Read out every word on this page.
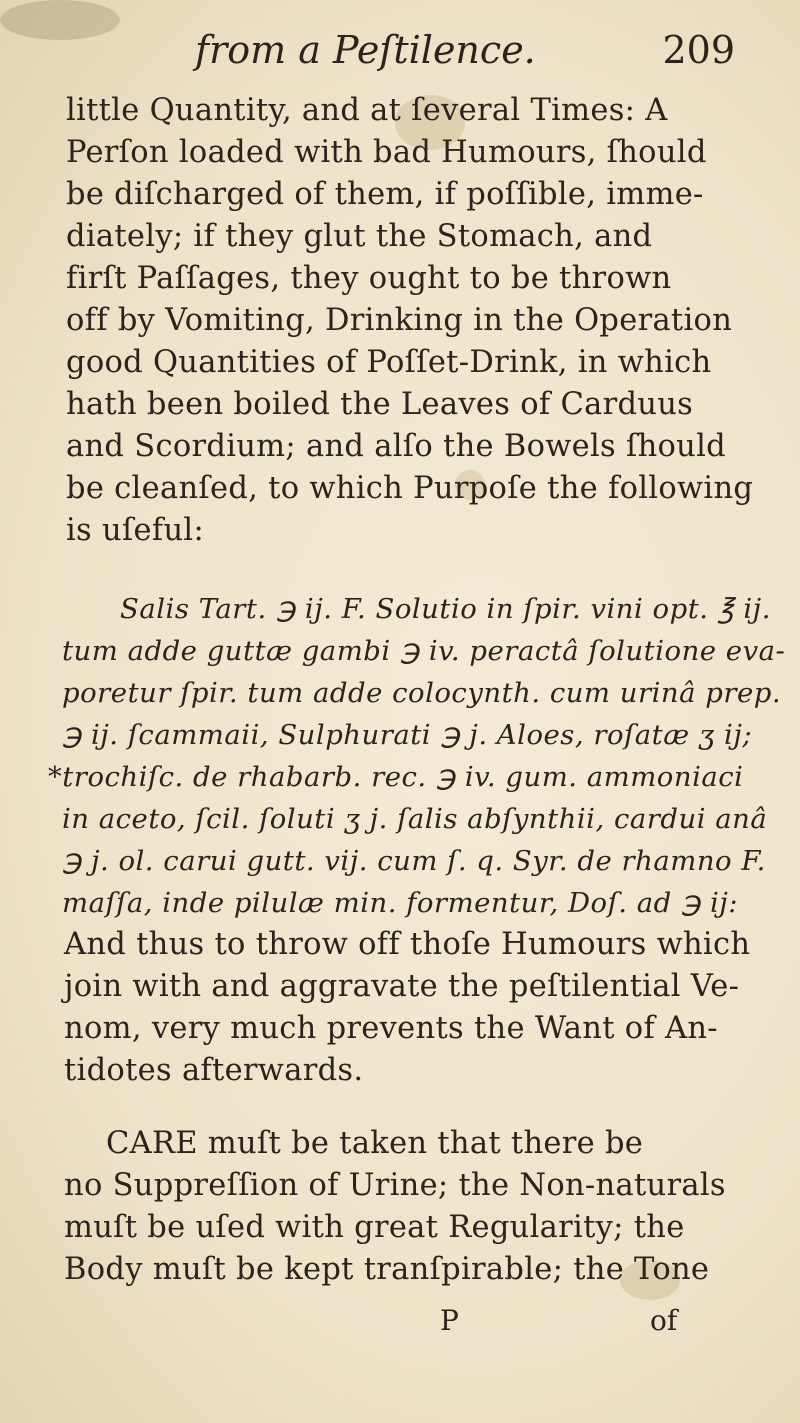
from a Peſtilence.	209
little Quantity, and at ſeveral Times: A
Perſon loaded with bad Humours, ſhould
be diſcharged of them, if poſſible, imme-
diately; if they glut the Stomach, and
firſt Paſſages, they ought to be thrown
off by Vomiting, Drinking in the Operation
good Quantities of Poſſet-Drink, in which
hath been boiled the Leaves of Carduus
and Scordium; and alſo the Bowels ſhould
be cleanſed, to which Purpoſe the following
is uſeful:
Salis Tart. ℈ ij. F. Solutio in ſpir. vini opt. ℥ ij.
tum adde guttæ gambi ℈ iv. peractâ ſolutione eva-
poretur ſpir. tum adde colocynth. cum urinâ prep.
℈ ij. ſcammaii, Sulphurati ℈ j. Aloes, roſatæ ʒ ij;
*trochiſc. de rhabarb. rec. ℈ iv. gum. ammoniaci
in aceto, ſcil. ſoluti ʒ j. ſalis abſynthii, cardui anâ
℈ j. ol. carui gutt. vij. cum ſ. q. Syr. de rhamno F.
maſſa, inde pilulæ min. formentur, Doſ. ad ℈ ij:
And thus to throw off thoſe Humours which
join with and aggravate the peſtilential Ve-
nom, very much prevents the Want of An-
tidotes afterwards.
CARE muſt be taken that there be
no Suppreſſion of Urine; the Non-naturals
muſt be uſed with great Regularity; the
Body muſt be kept tranſpirable; the Tone
P	of
